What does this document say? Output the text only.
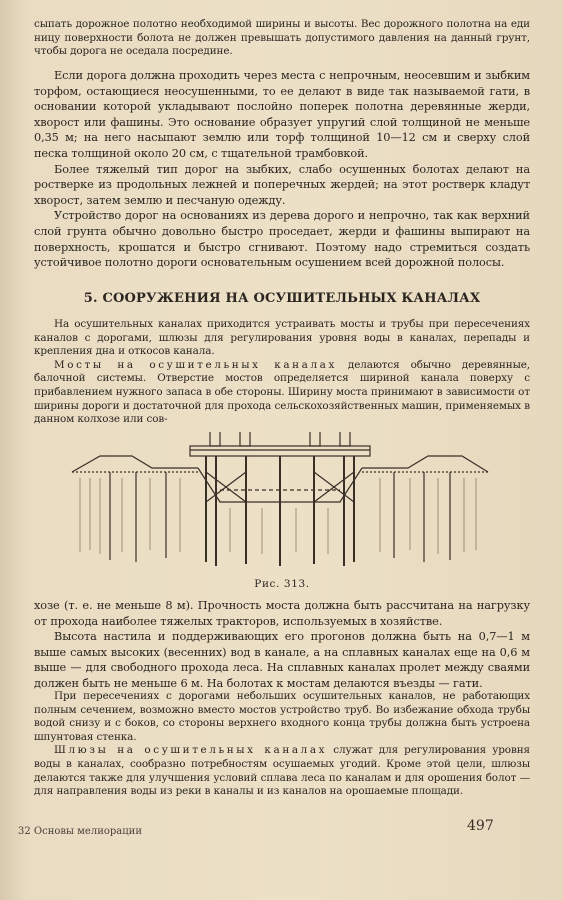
сыпать дорожное полотно необходимой ширины и высоты. Вес дорожного полотна на еди ницу поверхности болота не должен превышать допустимого давления на данный грунт, чтобы дорога не оседала посредине.

Если дорога должна проходить через места с непрочным, неосевшим и зыбким торфом, остающиеся неосушенными, то ее делают в виде так называемой гати, в основании которой укладывают послойно поперек полотна деревянные жерди, хворост или фашины. Это основание образует упругий слой толщиной не меньше 0,35 м; на него насыпают землю или торф толщиной 10—12 см и сверху слой песка толщиной около 20 см, с тщательной трамбовкой.

Более тяжелый тип дорог на зыбких, слабо осушенных болотах делают на ростверке из продольных лежней и поперечных жердей; на этот ростверк кладут хворост, затем землю и песчаную одежду.

Устройство дорог на основаниях из дерева дорого и непрочно, так как верхний слой грунта обычно довольно быстро проседает, жерди и фашины выпирают на поверхность, крошатся и быстро сгнивают. Поэтому надо стремиться создать устойчивое полотно дороги основательным осушением всей дорожной полосы.

5. СООРУЖЕНИЯ НА ОСУШИТЕЛЬНЫХ КАНАЛАХ

На осушительных каналах приходится устраивать мосты и трубы при пересечениях каналов с дорогами, шлюзы для регулирования уровня воды в каналах, перепады и крепления дна и откосов канала.

Мосты на осушительных каналах делаются обычно деревянные, балочной системы. Отверстие мостов определяется шириной канала поверху с прибавлением нужного запаса в обе стороны. Ширину моста принимают в зависимости от ширины дороги и достаточной для прохода сельскохозяйственных машин, применяемых в данном колхозе или сов-

Рис. 313.

хозе (т. е. не меньше 8 м). Прочность моста должна быть рассчитана на нагрузку от прохода наиболее тяжелых тракторов, используемых в хозяйстве.

Высота настила и поддерживающих его прогонов должна быть на 0,7—1 м выше самых высоких (весенних) вод в канале, а на сплавных каналах еще на 0,6 м выше — для свободного прохода леса. На сплавных каналах пролет между сваями должен быть не меньше 6 м. На болотах к мостам делаются въезды — гати.

При пересечениях с дорогами небольших осушительных каналов, не работающих полным сечением, возможно вместо мостов устройство труб. Во избежание обхода трубы водой снизу и с боков, со стороны верхнего входного конца трубы должна быть устроена шпунтовая стенка.

Шлюзы на осушительных каналах служат для регулирования уровня воды в каналах, сообразно потребностям осушаемых угодий. Кроме этой цели, шлюзы делаются также для улучшения условий сплава леса по каналам и для орошения болот — для направления воды из реки в каналы и из каналов на орошаемые площади.

32 Основы мелиорации	497
